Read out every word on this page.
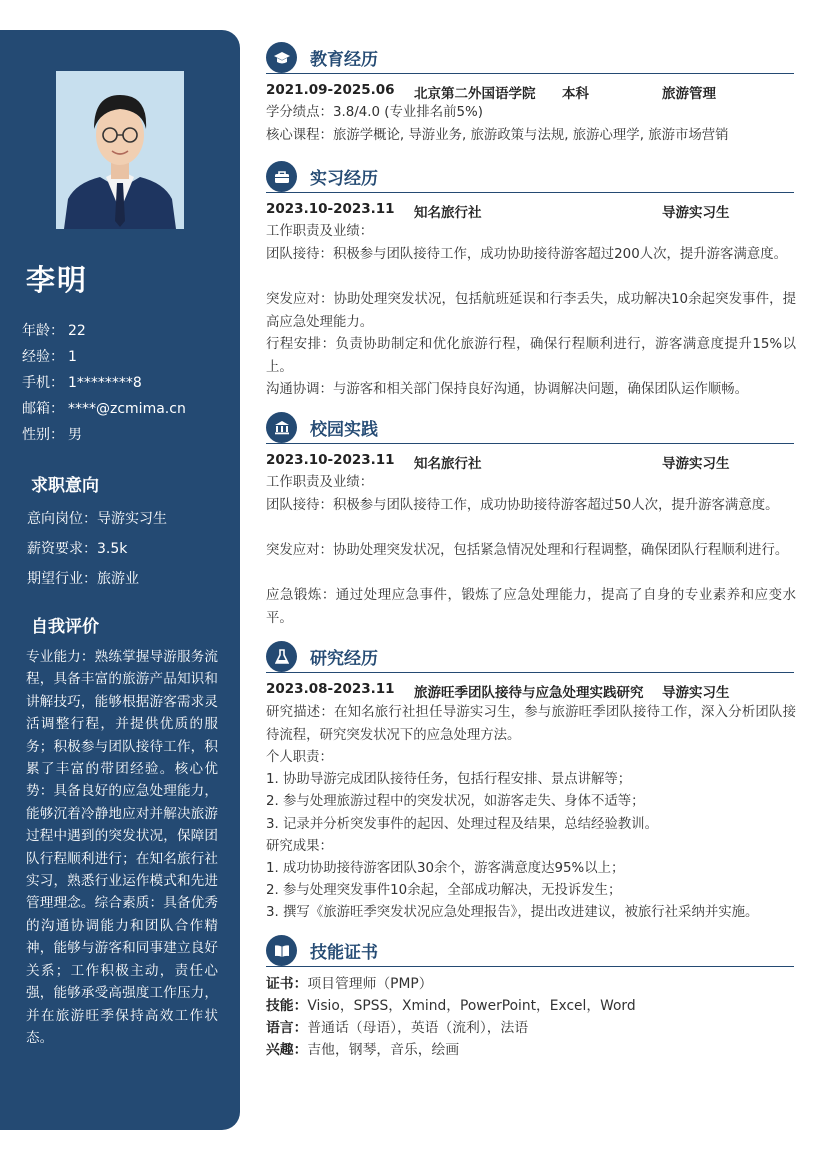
李明
年龄： 22
经验： 1
手机： 1********8
邮箱： ****@zcmima.cn
性别： 男
求职意向
意向岗位：导游实习生
薪资要求：3.5k
期望行业：旅游业
自我评价
专业能力：熟练掌握导游服务流程，具备丰富的旅游产品知识和讲解技巧，能够根据游客需求灵活调整行程，并提供优质的服务；积极参与团队接待工作，积累了丰富的带团经验。核心优势：具备良好的应急处理能力，能够沉着冷静地应对并解决旅游过程中遇到的突发状况，保障团队行程顺利进行；在知名旅行社实习，熟悉行业运作模式和先进管理理念。综合素质：具备优秀的沟通协调能力和团队合作精神，能够与游客和同事建立良好关系；工作积极主动，责任心强，能够承受高强度工作压力，并在旅游旺季保持高效工作状态。
教育经历
2021.09-2025.06 北京第二外国语学院 本科	旅游管理
学分绩点：3.8/4.0 (专业排名前5%)
核心课程：旅游学概论, 导游业务, 旅游政策与法规, 旅游心理学, 旅游市场营销
实习经历
2023.10-2023.11 知名旅行社	导游实习生
工作职责及业绩：
团队接待：积极参与团队接待工作，成功协助接待游客超过200人次，提升游客满意度。
突发应对：协助处理突发状况，包括航班延误和行李丢失，成功解决10余起突发事件，提高应急处理能力。
行程安排：负责协助制定和优化旅游行程，确保行程顺利进行，游客满意度提升15%以上。
沟通协调：与游客和相关部门保持良好沟通，协调解决问题，确保团队运作顺畅。
校园实践
2023.10-2023.11 知名旅行社	导游实习生
工作职责及业绩：
团队接待：积极参与团队接待工作，成功协助接待游客超过50人次，提升游客满意度。
突发应对：协助处理突发状况，包括紧急情况处理和行程调整，确保团队行程顺利进行。
应急锻炼：通过处理应急事件，锻炼了应急处理能力，提高了自身的专业素养和应变水平。
研究经历
2023.08-2023.11 旅游旺季团队接待与应急处理实践研究 导游实习生
研究描述：在知名旅行社担任导游实习生，参与旅游旺季团队接待工作，深入分析团队接待流程，研究突发状况下的应急处理方法。
个人职责：
1. 协助导游完成团队接待任务，包括行程安排、景点讲解等；
2. 参与处理旅游过程中的突发状况，如游客走失、身体不适等；
3. 记录并分析突发事件的起因、处理过程及结果，总结经验教训。
研究成果：
1. 成功协助接待游客团队30余个，游客满意度达95%以上；
2. 参与处理突发事件10余起，全部成功解决，无投诉发生；
3. 撰写《旅游旺季突发状况应急处理报告》，提出改进建议，被旅行社采纳并实施。
技能证书
证书：项目管理师（PMP）
技能：Visio，SPSS，Xmind，PowerPoint，Excel，Word
语言：普通话（母语），英语（流利），法语
兴趣：吉他，钢琴，音乐，绘画
